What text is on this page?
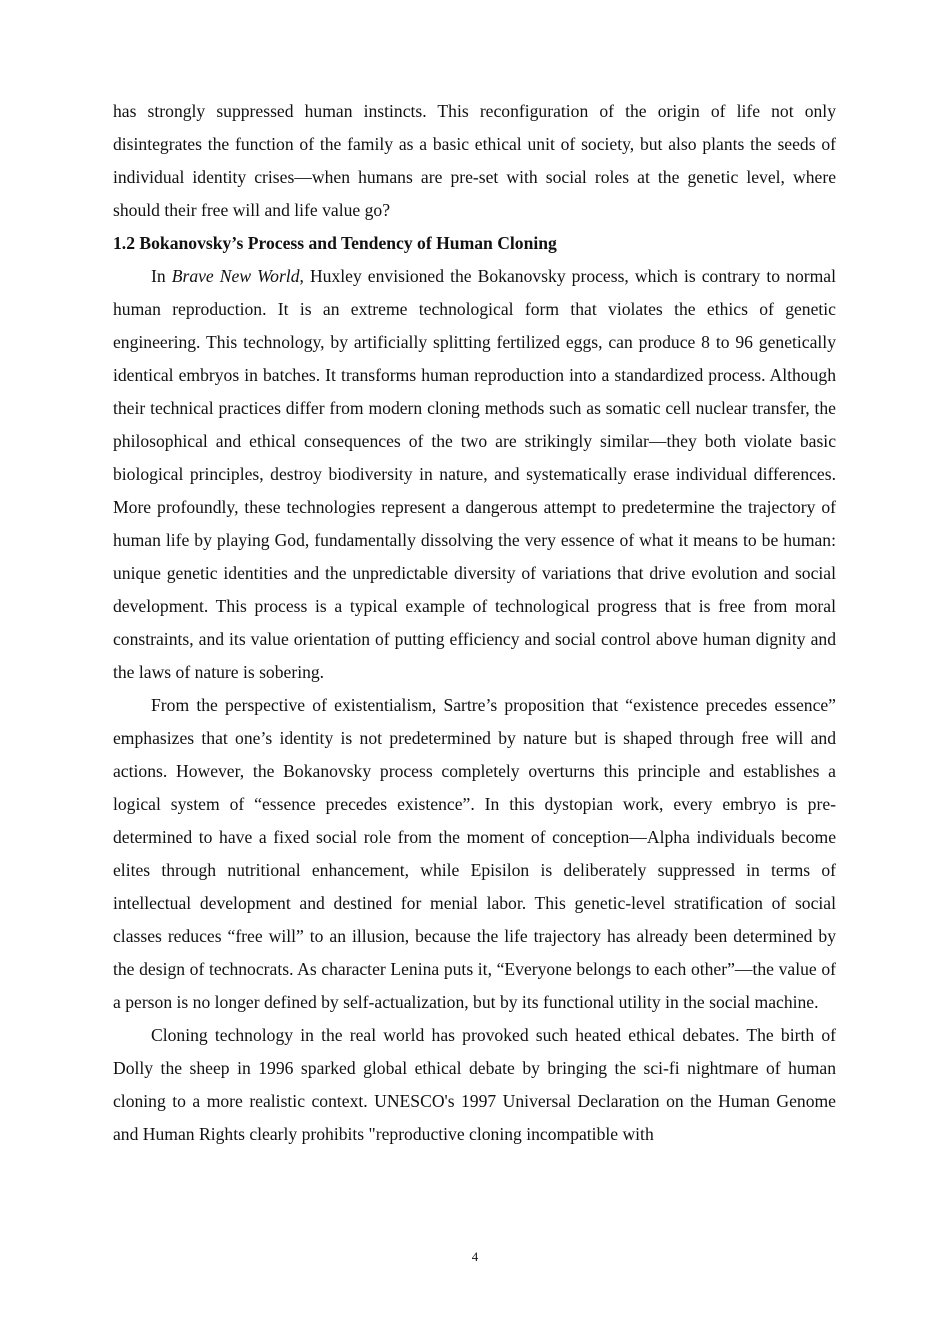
has strongly suppressed human instincts. This reconfiguration of the origin of life not only disintegrates the function of the family as a basic ethical unit of society, but also plants the seeds of individual identity crises—when humans are pre-set with social roles at the genetic level, where should their free will and life value go?

1.2 Bokanovsky’s Process and Tendency of Human Cloning

In Brave New World, Huxley envisioned the Bokanovsky process, which is contrary to normal human reproduction. It is an extreme technological form that violates the ethics of genetic engineering. This technology, by artificially splitting fertilized eggs, can produce 8 to 96 genetically identical embryos in batches. It transforms human reproduction into a standardized process. Although their technical practices differ from modern cloning methods such as somatic cell nuclear transfer, the philosophical and ethical consequences of the two are strikingly similar—they both violate basic biological principles, destroy biodiversity in nature, and systematically erase individual differences. More profoundly, these technologies represent a dangerous attempt to predetermine the trajectory of human life by playing God, fundamentally dissolving the very essence of what it means to be human: unique genetic identities and the unpredictable diversity of variations that drive evolution and social development. This process is a typical example of technological progress that is free from moral constraints, and its value orientation of putting efficiency and social control above human dignity and the laws of nature is sobering.

From the perspective of existentialism, Sartre’s proposition that “existence precedes essence” emphasizes that one’s identity is not predetermined by nature but is shaped through free will and actions. However, the Bokanovsky process completely overturns this principle and establishes a logical system of “essence precedes existence”. In this dystopian work, every embryo is pre-determined to have a fixed social role from the moment of conception—Alpha individuals become elites through nutritional enhancement, while Episilon is deliberately suppressed in terms of intellectual development and destined for menial labor. This genetic-level stratification of social classes reduces “free will” to an illusion, because the life trajectory has already been determined by the design of technocrats. As character Lenina puts it, “Everyone belongs to each other”—the value of a person is no longer defined by self-actualization, but by its functional utility in the social machine.

Cloning technology in the real world has provoked such heated ethical debates. The birth of Dolly the sheep in 1996 sparked global ethical debate by bringing the sci-fi nightmare of human cloning to a more realistic context. UNESCO's 1997 Universal Declaration on the Human Genome and Human Rights clearly prohibits "reproductive cloning incompatible with

4
